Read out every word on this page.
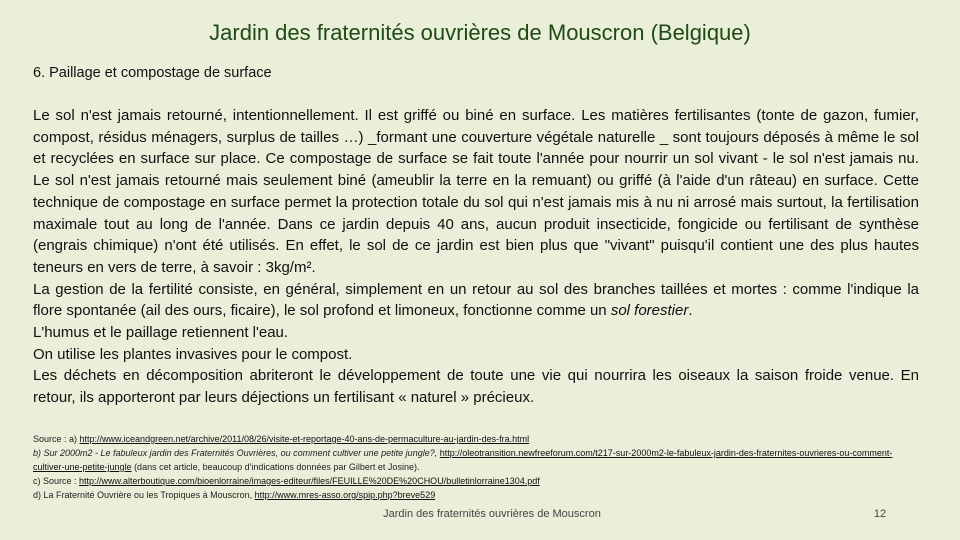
Jardin des fraternités ouvrières de Mouscron (Belgique)
6. Paillage et compostage de surface

Le sol n'est jamais retourné, intentionnellement. Il est griffé ou biné en surface. Les matières fertilisantes (tonte de gazon, fumier, compost, résidus ménagers, surplus de tailles …) _formant une couverture végétale naturelle _ sont toujours déposés à même le sol et recyclées en surface sur place. Ce compostage de surface se fait toute l'année pour nourrir un sol vivant - le sol n'est jamais nu. Le sol n'est jamais retourné mais seulement biné (ameublir la terre en la remuant) ou griffé (à l'aide d'un râteau) en surface. Cette technique de compostage en surface permet la protection totale du sol qui n'est jamais mis à nu ni arrosé mais surtout, la fertilisation maximale tout au long de l'année. Dans ce jardin depuis 40 ans, aucun produit insecticide, fongicide ou fertilisant de synthèse (engrais chimique) n'ont été utilisés. En effet, le sol de ce jardin est bien plus que "vivant" puisqu'il contient une des plus hautes teneurs en vers de terre, à savoir : 3kg/m².

La gestion de la fertilité consiste, en général, simplement en un retour au sol des branches taillées et mortes : comme l'indique la flore spontanée (ail des ours, ficaire), le sol profond et limoneux, fonctionne comme un sol forestier.

L'humus et le paillage retiennent l'eau.

On utilise les plantes invasives pour le compost.

Les déchets en décomposition abriteront le développement de toute une vie qui nourrira les oiseaux la saison froide venue. En retour, ils apporteront par leurs déjections un fertilisant « naturel » précieux.

Source : a) http://www.iceandgreen.net/archive/2011/08/26/visite-et-reportage-40-ans-de-permaculture-au-jardin-des-fra.html

b) Sur 2000m2 - Le fabuleux jardin des Fraternités Ouvrières, ou comment cultiver une petite jungle?, http://oleotransition.newfreeforum.com/t217-sur-2000m2-le-fabuleux-jardin-des-fraternites-ouvrieres-ou-comment-cultiver-une-petite-jungle (dans cet article, beaucoup d'indications données par Gilbert et Josine).

c) Source : http://www.alterboutique.com/bioenlorraine/images-editeur/files/FEUILLE%20DE%20CHOU/bulletinlorraine1304.pdf

d) La Fraternité Ouvrière ou les Tropiques à Mouscron, http://www.mres-asso.org/spip.php?breve529

Jardin des fraternités ouvrières de Mouscron	12
